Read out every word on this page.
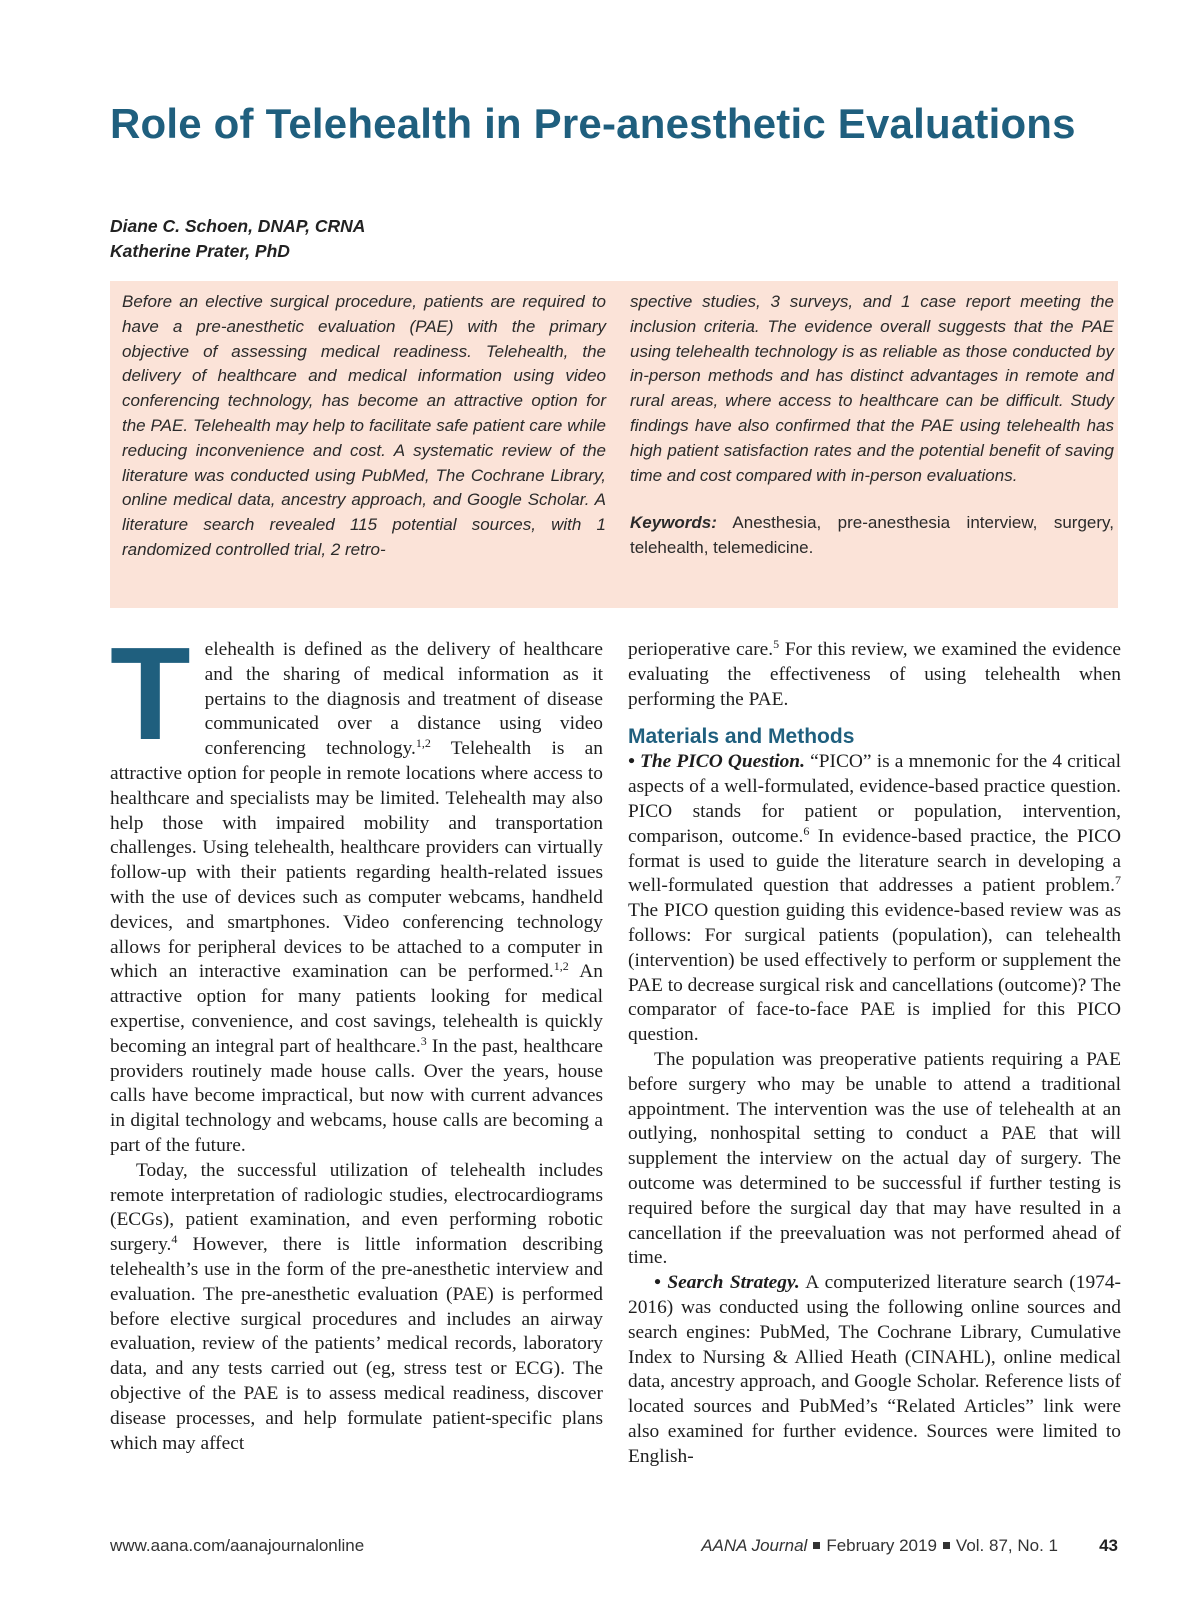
Role of Telehealth in Pre-anesthetic Evaluations
Diane C. Schoen, DNAP, CRNA
Katherine Prater, PhD

Before an elective surgical procedure, patients are required to have a pre-anesthetic evaluation (PAE) with the primary objective of assessing medical readiness. Telehealth, the delivery of healthcare and medical information using video conferencing technology, has become an attractive option for the PAE. Telehealth may help to facilitate safe patient care while reducing inconvenience and cost. A systematic review of the literature was conducted using PubMed, The Cochrane Library, online medical data, ancestry approach, and Google Scholar. A literature search revealed 115 potential sources, with 1 randomized controlled trial, 2 retro-

spective studies, 3 surveys, and 1 case report meeting the inclusion criteria. The evidence overall suggests that the PAE using telehealth technology is as reliable as those conducted by in-person methods and has distinct advantages in remote and rural areas, where access to healthcare can be difficult. Study findings have also confirmed that the PAE using telehealth has high patient satisfaction rates and the potential benefit of saving time and cost compared with in-person evaluations.

Keywords: Anesthesia, pre-anesthesia interview, surgery, telehealth, telemedicine.

Telehealth is defined as the delivery of healthcare and the sharing of medical information as it pertains to the diagnosis and treatment of disease communicated over a distance using video conferencing technology.$^{1,2}$ Telehealth is an attractive option for people in remote locations where access to healthcare and specialists may be limited. Telehealth may also help those with impaired mobility and transportation challenges. Using telehealth, healthcare providers can virtually follow-up with their patients regarding health-related issues with the use of devices such as computer webcams, handheld devices, and smartphones. Video conferencing technology allows for peripheral devices to be attached to a computer in which an interactive examination can be performed.$^{1,2}$ An attractive option for many patients looking for medical expertise, convenience, and cost savings, telehealth is quickly becoming an integral part of healthcare.$^3$ In the past, healthcare providers routinely made house calls. Over the years, house calls have become impractical, but now with current advances in digital technology and webcams, house calls are becoming a part of the future.

Today, the successful utilization of telehealth includes remote interpretation of radiologic studies, electrocardiograms (ECGs), patient examination, and even performing robotic surgery.$^4$ However, there is little information describing telehealth’s use in the form of the pre-anesthetic interview and evaluation. The pre-anesthetic evaluation (PAE) is performed before elective surgical procedures and includes an airway evaluation, review of the patients’ medical records, laboratory data, and any tests carried out (eg, stress test or ECG). The objective of the PAE is to assess medical readiness, discover disease processes, and help formulate patient-specific plans which may affect

perioperative care.$^5$ For this review, we examined the evidence evaluating the effectiveness of using telehealth when performing the PAE.

Materials and Methods

• The PICO Question. “PICO” is a mnemonic for the 4 critical aspects of a well-formulated, evidence-based practice question. PICO stands for patient or population, intervention, comparison, outcome.$^6$ In evidence-based practice, the PICO format is used to guide the literature search in developing a well-formulated question that addresses a patient problem.$^7$ The PICO question guiding this evidence-based review was as follows: For surgical patients (population), can telehealth (intervention) be used effectively to perform or supplement the PAE to decrease surgical risk and cancellations (outcome)? The comparator of face-to-face PAE is implied for this PICO question.

The population was preoperative patients requiring a PAE before surgery who may be unable to attend a traditional appointment. The intervention was the use of telehealth at an outlying, nonhospital setting to conduct a PAE that will supplement the interview on the actual day of surgery. The outcome was determined to be successful if further testing is required before the surgical day that may have resulted in a cancellation if the preevaluation was not performed ahead of time.

• Search Strategy. A computerized literature search (1974-2016) was conducted using the following online sources and search engines: PubMed, The Cochrane Library, Cumulative Index to Nursing & Allied Heath (CINAHL), online medical data, ancestry approach, and Google Scholar. Reference lists of located sources and PubMed’s “Related Articles” link were also examined for further evidence. Sources were limited to English-

www.aana.com/aanajournalonline	AANA Journal February 2019 Vol. 87, No. 1 43
